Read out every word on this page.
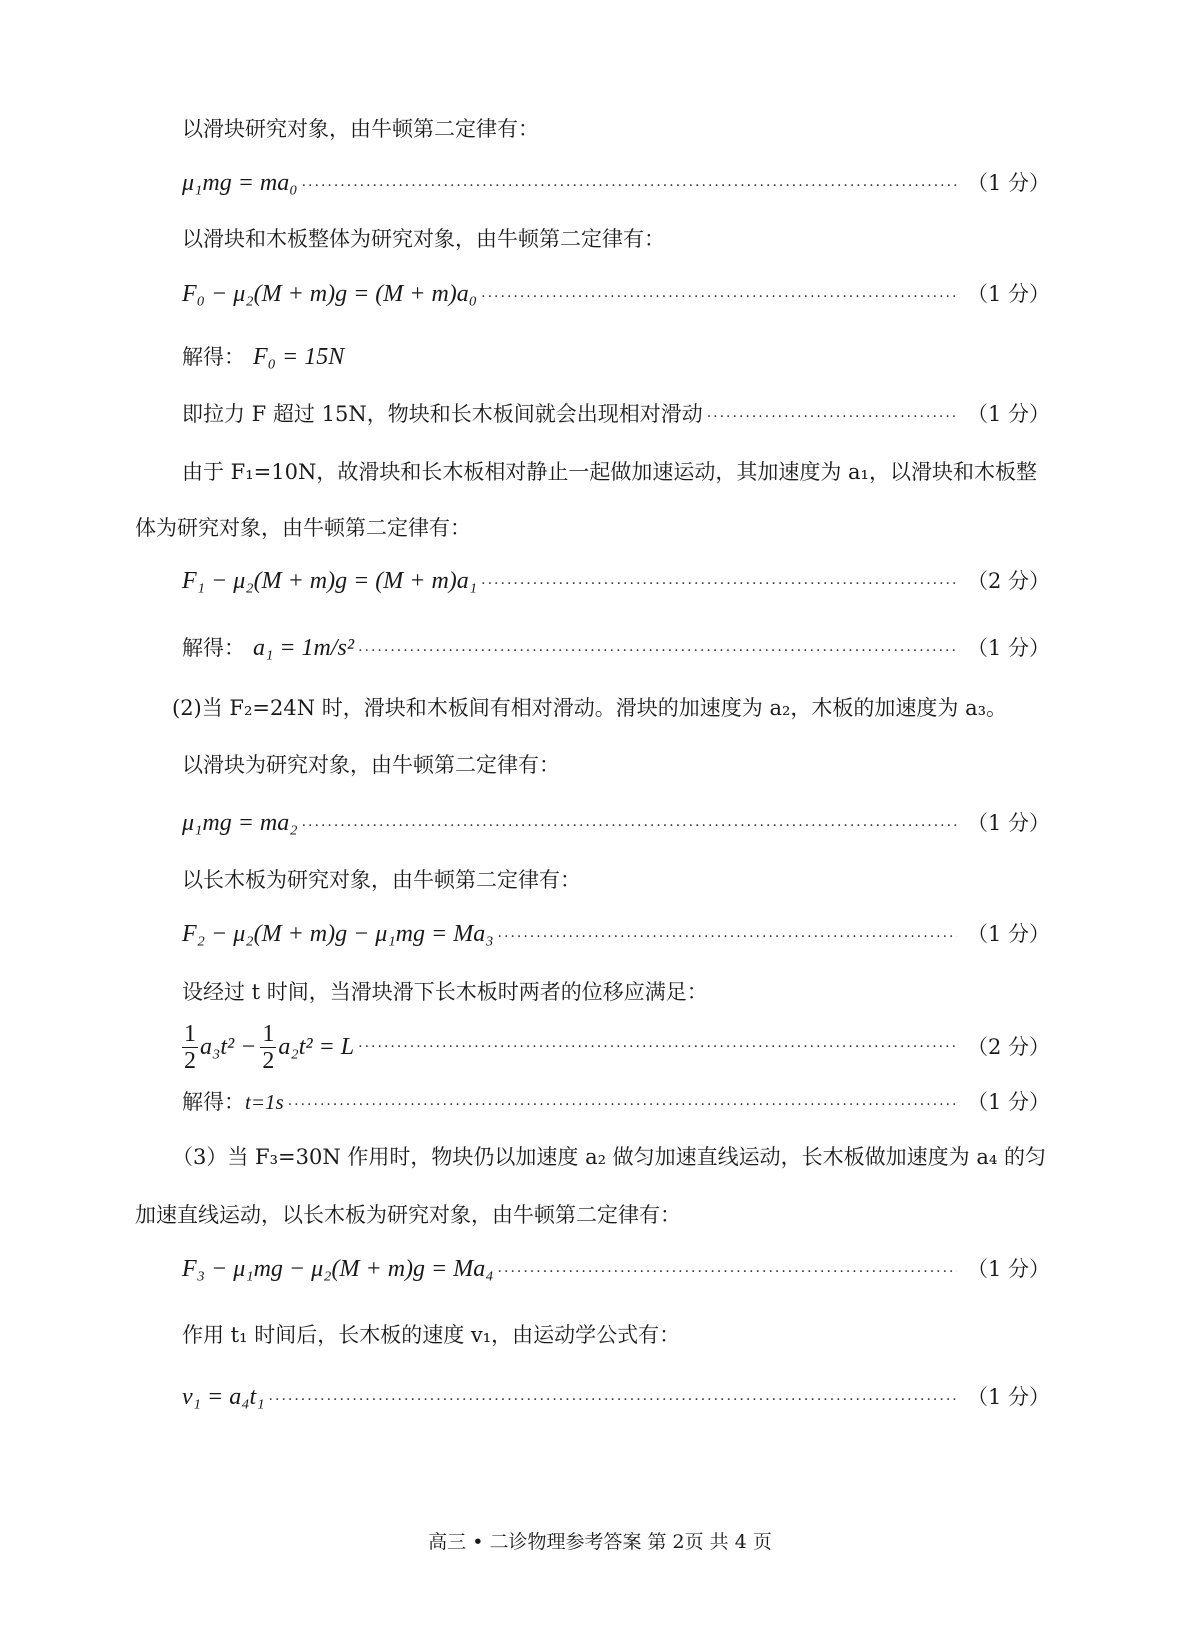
以滑块研究对象，由牛顿第二定律有：
μ₁mg = ma₀ ·····	（1 分）
以滑块和木板整体为研究对象，由牛顿第二定律有：
F₀ − μ₂(M + m)g = (M + m)a₀ ·····	（1 分）
解得： F₀ = 15N
即拉力 F 超过 15N，物块和长木板间就会出现相对滑动 ·····	（1 分）
由于 F₁=10N，故滑块和长木板相对静止一起做加速运动，其加速度为 a₁，以滑块和木板整
体为研究对象，由牛顿第二定律有：
F₁ − μ₂(M + m)g = (M + m)a₁ ·····	（2 分）
解得： a₁ = 1m/s² ·····	（1 分）
(2)当 F₂=24N 时，滑块和木板间有相对滑动。滑块的加速度为 a₂，木板的加速度为 a₃。
以滑块为研究对象，由牛顿第二定律有：
μ₁mg = ma₂ ·····	（1 分）
以长木板为研究对象，由牛顿第二定律有：
F₂ − μ₂(M + m)g − μ₁mg = Ma₃ ·····	（1 分）
设经过 t 时间，当滑块滑下长木板时两者的位移应满足：
$\frac{1}{2} a_3t^2 - \frac{1}{2} a_2t^2 = L$ ·····	（2 分）
解得： t=1s ·····	（1 分）
（3）当 F₃=30N 作用时，物块仍以加速度 a₂ 做匀加速直线运动，长木板做加速度为 a₄ 的匀
加速直线运动，以长木板为研究对象，由牛顿第二定律有：
F₃ − μ₁mg − μ₂(M + m)g = Ma₄ ·····	（1 分）
作用 t₁ 时间后，长木板的速度 v₁，由运动学公式有：
v₁ = a₄t₁ ·····	（1 分）
高三 • 二诊物理参考答案 第 2页 共 4 页
